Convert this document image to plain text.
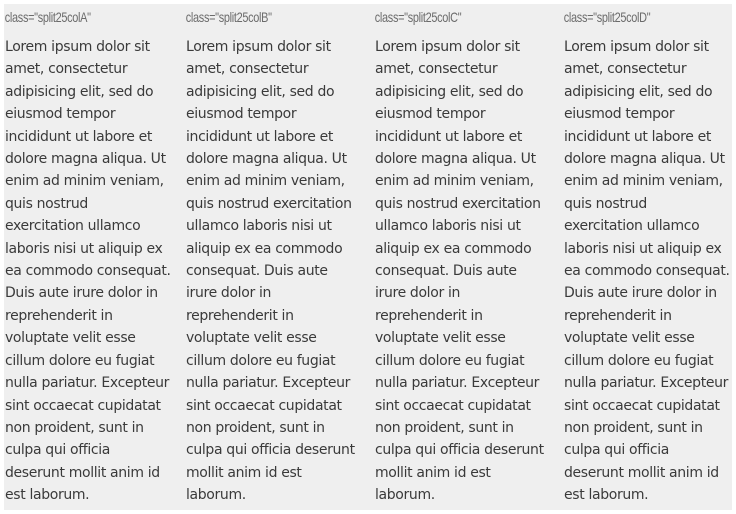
class="split25colA"
Lorem ipsum dolor sit
amet, consectetur
adipisicing elit, sed do
eiusmod tempor
incididunt ut labore et
dolore magna aliqua. Ut
enim ad minim veniam,
quis nostrud
exercitation ullamco
laboris nisi ut aliquip ex
ea commodo consequat.
Duis aute irure dolor in
reprehenderit in
voluptate velit esse
cillum dolore eu fugiat
nulla pariatur. Excepteur
sint occaecat cupidatat
non proident, sunt in
culpa qui officia
deserunt mollit anim id
est laborum.
class="split25colB"
Lorem ipsum dolor sit
amet, consectetur
adipisicing elit, sed do
eiusmod tempor
incididunt ut labore et
dolore magna aliqua. Ut
enim ad minim veniam,
quis nostrud exercitation
ullamco laboris nisi ut
aliquip ex ea commodo
consequat. Duis aute
irure dolor in
reprehenderit in
voluptate velit esse
cillum dolore eu fugiat
nulla pariatur. Excepteur
sint occaecat cupidatat
non proident, sunt in
culpa qui officia deserunt
mollit anim id est
laborum.
class="split25colC"
Lorem ipsum dolor sit
amet, consectetur
adipisicing elit, sed do
eiusmod tempor
incididunt ut labore et
dolore magna aliqua. Ut
enim ad minim veniam,
quis nostrud exercitation
ullamco laboris nisi ut
aliquip ex ea commodo
consequat. Duis aute
irure dolor in
reprehenderit in
voluptate velit esse
cillum dolore eu fugiat
nulla pariatur. Excepteur
sint occaecat cupidatat
non proident, sunt in
culpa qui officia deserunt
mollit anim id est
laborum.
class="split25colD"
Lorem ipsum dolor sit
amet, consectetur
adipisicing elit, sed do
eiusmod tempor
incididunt ut labore et
dolore magna aliqua. Ut
enim ad minim veniam,
quis nostrud
exercitation ullamco
laboris nisi ut aliquip ex
ea commodo consequat.
Duis aute irure dolor in
reprehenderit in
voluptate velit esse
cillum dolore eu fugiat
nulla pariatur. Excepteur
sint occaecat cupidatat
non proident, sunt in
culpa qui officia
deserunt mollit anim id
est laborum.
